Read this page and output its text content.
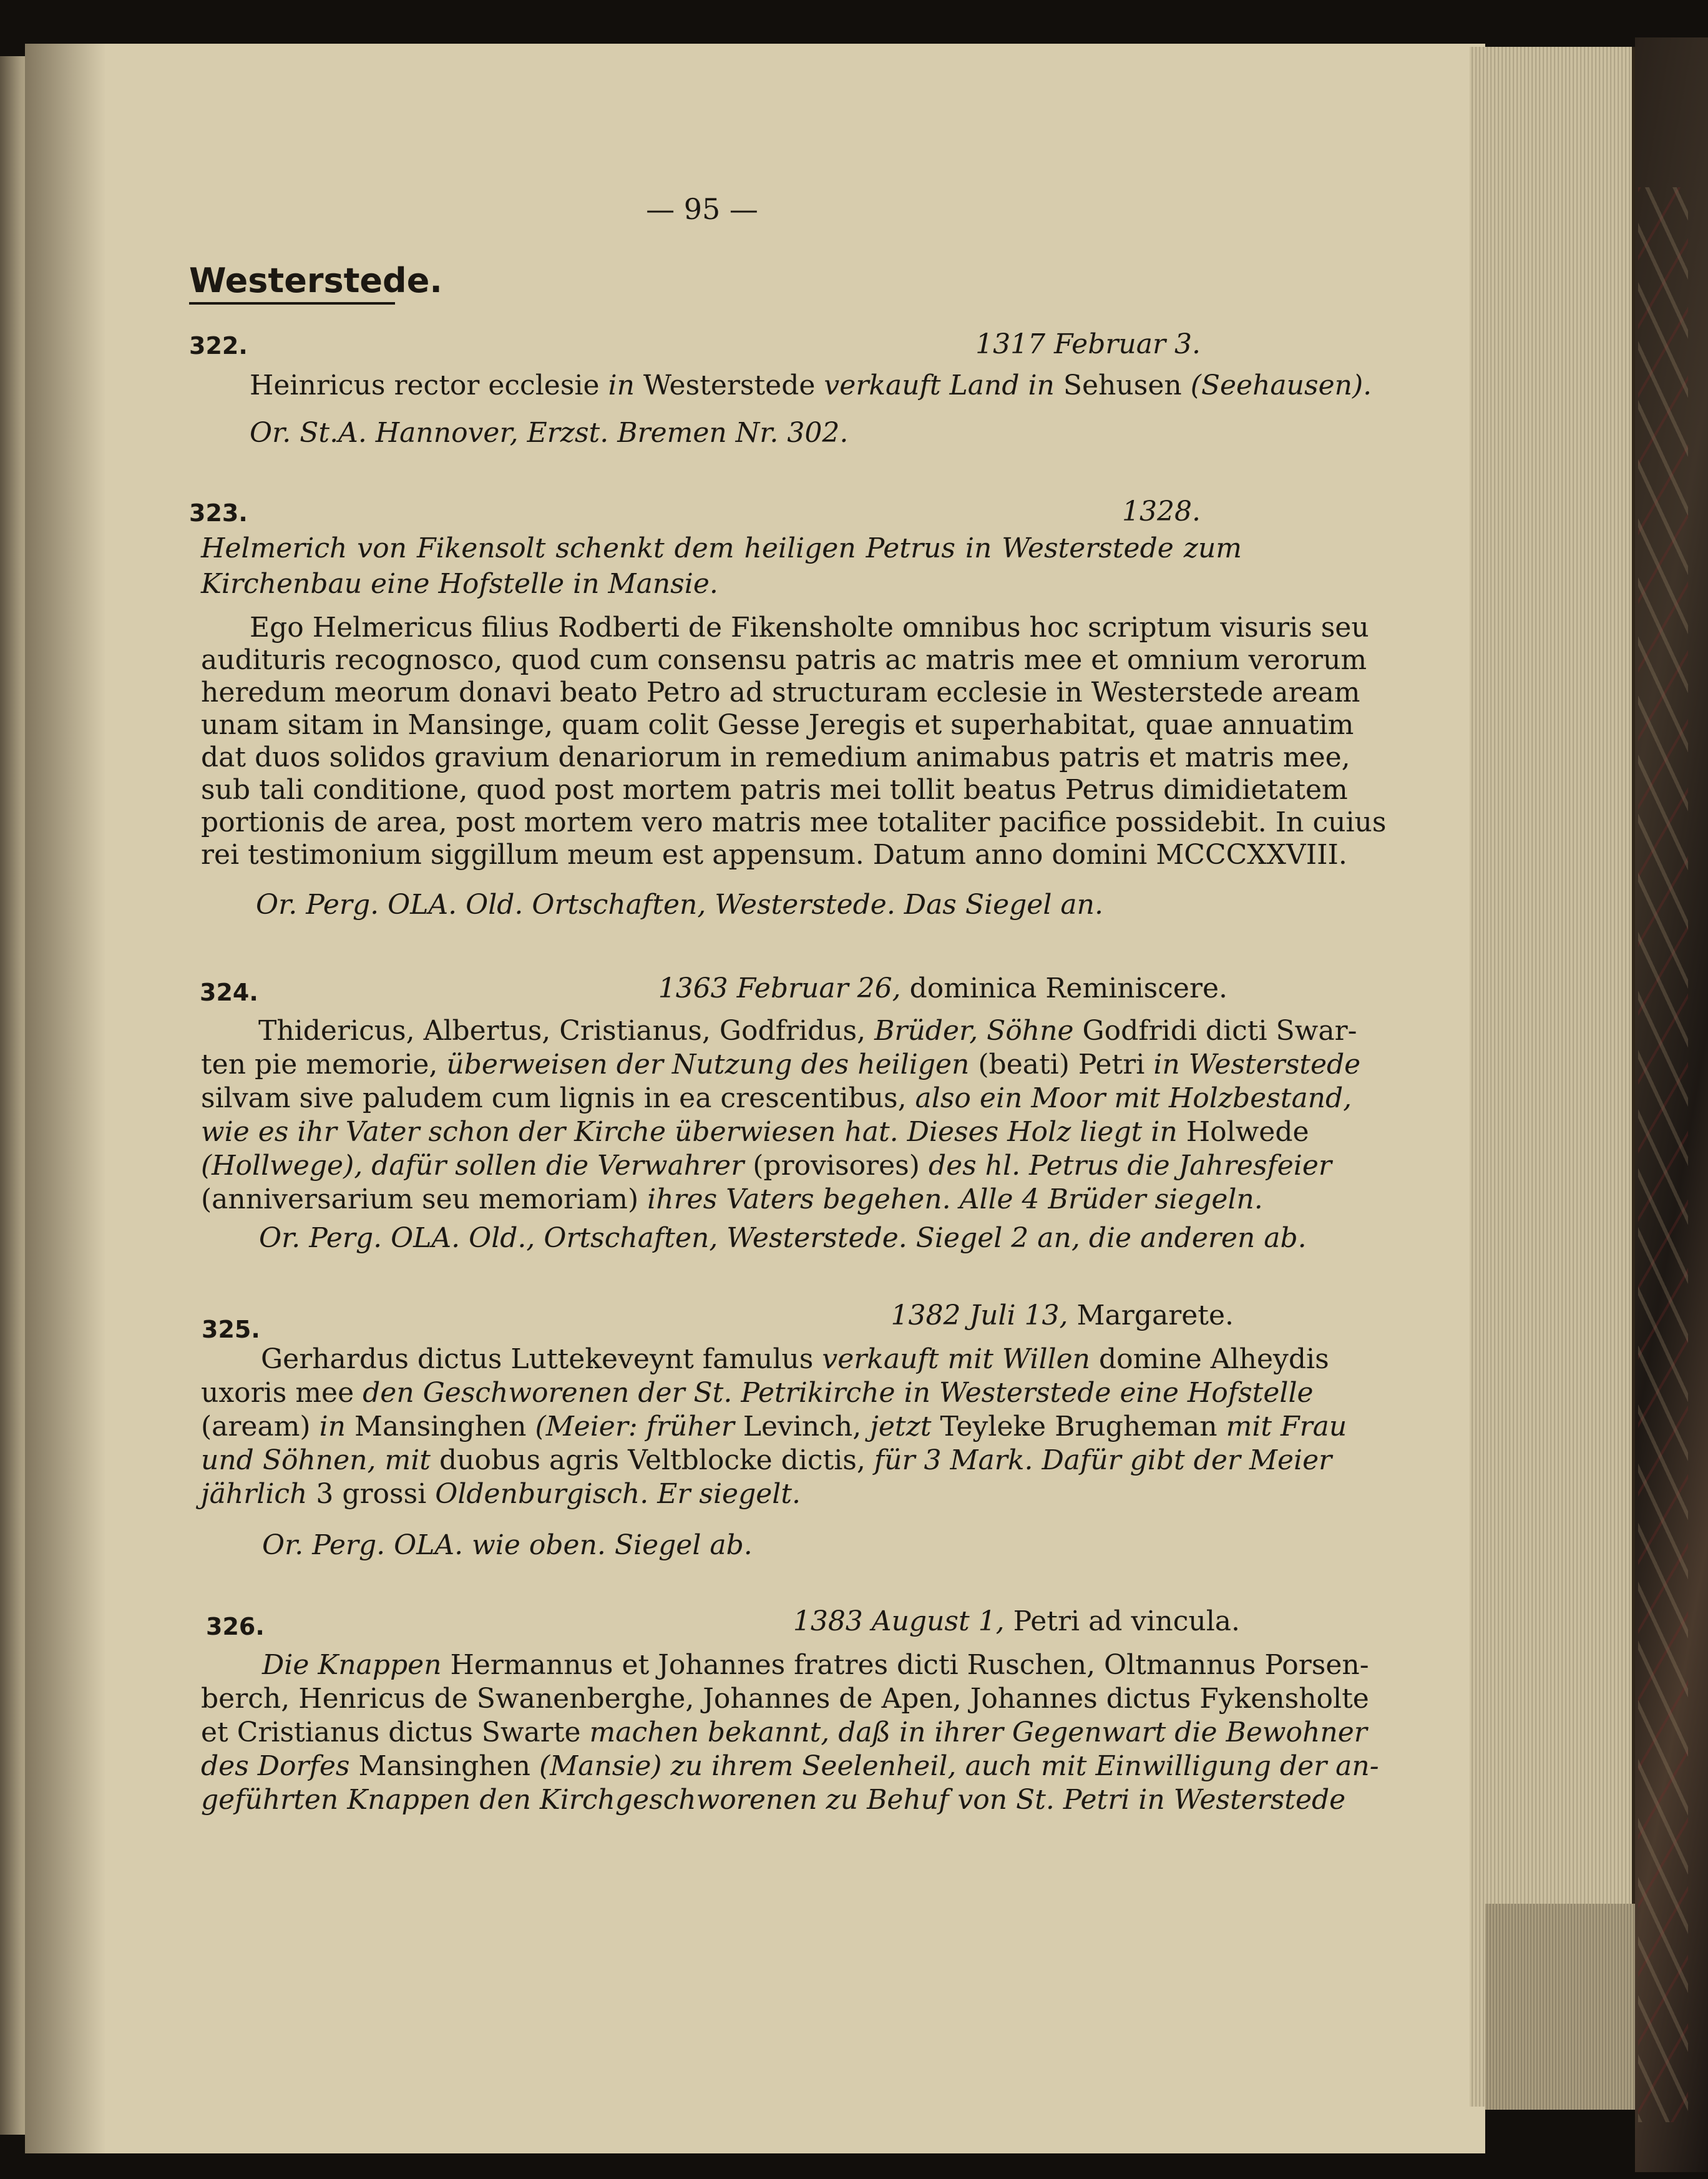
— 95 —
Westerstede.
322.	1317 Februar 3.
Heinricus rector ecclesie in Westerstede verkauft Land in Sehusen (Seehausen).
Or. St.A. Hannover, Erzst. Bremen Nr. 302.
323.	1328.
Helmerich von Fikensolt schenkt dem heiligen Petrus in Westerstede zum
Kirchenbau eine Hofstelle in Mansie.
Ego Helmericus filius Rodberti de Fikensholte omnibus hoc scriptum visuris seu
audituris recognosco, quod cum consensu patris ac matris mee et omnium verorum
heredum meorum donavi beato Petro ad structuram ecclesie in Westerstede aream
unam sitam in Mansinge, quam colit Gesse Jeregis et superhabitat, quae annuatim
dat duos solidos gravium denariorum in remedium animabus patris et matris mee,
sub tali conditione, quod post mortem patris mei tollit beatus Petrus dimidietatem
portionis de area, post mortem vero matris mee totaliter pacifice possidebit. In cuius
rei testimonium siggillum meum est appensum. Datum anno domini MCCCXXVIII.
Or. Perg. OLA. Old. Ortschaften, Westerstede. Das Siegel an.
324.	1363 Februar 26, dominica Reminiscere.
Thidericus, Albertus, Cristianus, Godfridus, Brüder, Söhne Godfridi dicti Swar-
ten pie memorie, überweisen der Nutzung des heiligen (beati) Petri in Westerstede
silvam sive paludem cum lignis in ea crescentibus, also ein Moor mit Holzbestand,
wie es ihr Vater schon der Kirche überwiesen hat. Dieses Holz liegt in Holwede
(Hollwege), dafür sollen die Verwahrer (provisores) des hl. Petrus die Jahresfeier
(anniversarium seu memoriam) ihres Vaters begehen. Alle 4 Brüder siegeln.
Or. Perg. OLA. Old., Ortschaften, Westerstede. Siegel 2 an, die anderen ab.
325.	1382 Juli 13, Margarete.
Gerhardus dictus Luttekeveynt famulus verkauft mit Willen domine Alheydis
uxoris mee den Geschworenen der St. Petrikirche in Westerstede eine Hofstelle
(aream) in Mansinghen (Meier: früher Levinch, jetzt Teyleke Brugheman mit Frau
und Söhnen, mit duobus agris Veltblocke dictis, für 3 Mark. Dafür gibt der Meier
jährlich 3 grossi Oldenburgisch. Er siegelt.
Or. Perg. OLA. wie oben. Siegel ab.
326.	1383 August 1, Petri ad vincula.
Die Knappen Hermannus et Johannes fratres dicti Ruschen, Oltmannus Porsen-
berch, Henricus de Swanenberghe, Johannes de Apen, Johannes dictus Fykensholte
et Cristianus dictus Swarte machen bekannt, daß in ihrer Gegenwart die Bewohner
des Dorfes Mansinghen (Mansie) zu ihrem Seelenheil, auch mit Einwilligung der an-
geführten Knappen den Kirchgeschworenen zu Behuf von St. Petri in Westerstede
